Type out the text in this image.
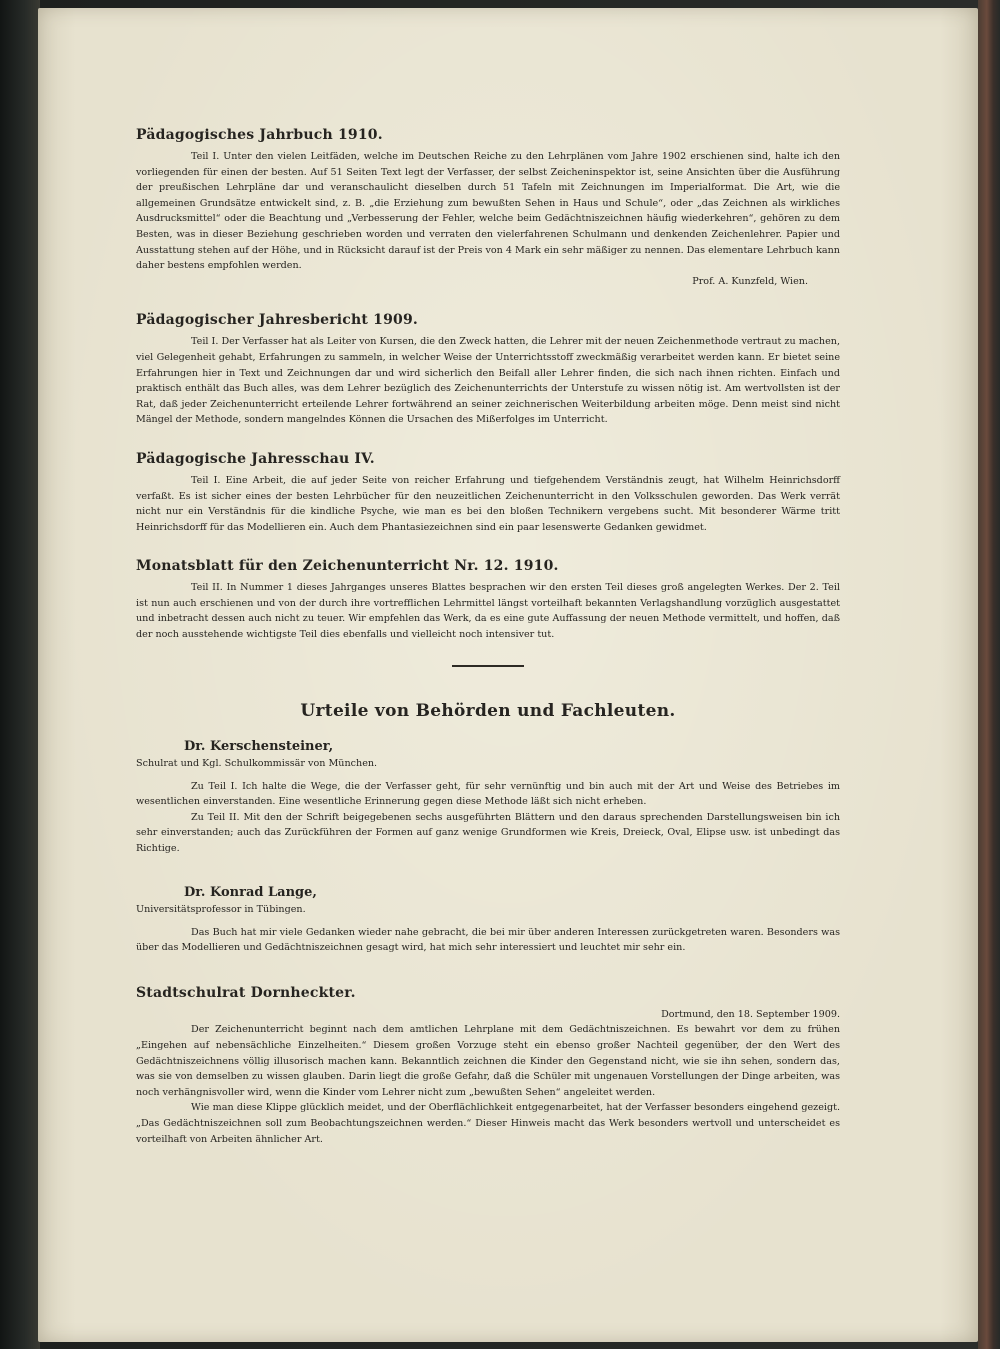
Pädagogisches Jahrbuch 1910.

Teil I. Unter den vielen Leitfäden, welche im Deutschen Reiche zu den Lehrplänen vom Jahre 1902 erschienen sind, halte ich den vorliegenden für einen der besten. Auf 51 Seiten Text legt der Verfasser, der selbst Zeicheninspektor ist, seine Ansichten über die Ausführung der preußischen Lehrpläne dar und veranschaulicht dieselben durch 51 Tafeln mit Zeichnungen im Imperialformat. Die Art, wie die allgemeinen Grundsätze entwickelt sind, z. B. „die Erziehung zum bewußten Sehen in Haus und Schule“, oder „das Zeichnen als wirkliches Ausdrucksmittel“ oder die Beachtung und „Verbesserung der Fehler, welche beim Gedächtniszeichnen häufig wiederkehren“, gehören zu dem Besten, was in dieser Beziehung geschrieben worden und verraten den vielerfahrenen Schulmann und denkenden Zeichenlehrer. Papier und Ausstattung stehen auf der Höhe, und in Rücksicht darauf ist der Preis von 4 Mark ein sehr mäßiger zu nennen. Das elementare Lehrbuch kann daher bestens empfohlen werden.

Prof. A. Kunzfeld, Wien.

Pädagogischer Jahresbericht 1909.

Teil I. Der Verfasser hat als Leiter von Kursen, die den Zweck hatten, die Lehrer mit der neuen Zeichenmethode vertraut zu machen, viel Gelegenheit gehabt, Erfahrungen zu sammeln, in welcher Weise der Unterrichtsstoff zweckmäßig verarbeitet werden kann. Er bietet seine Erfahrungen hier in Text und Zeichnungen dar und wird sicherlich den Beifall aller Lehrer finden, die sich nach ihnen richten. Einfach und praktisch enthält das Buch alles, was dem Lehrer bezüglich des Zeichenunterrichts der Unterstufe zu wissen nötig ist. Am wertvollsten ist der Rat, daß jeder Zeichenunterricht erteilende Lehrer fortwährend an seiner zeichnerischen Weiterbildung arbeiten möge. Denn meist sind nicht Mängel der Methode, sondern mangelndes Können die Ursachen des Mißerfolges im Unterricht.

Pädagogische Jahresschau IV.

Teil I. Eine Arbeit, die auf jeder Seite von reicher Erfahrung und tiefgehendem Verständnis zeugt, hat Wilhelm Heinrichsdorff verfaßt. Es ist sicher eines der besten Lehrbücher für den neuzeitlichen Zeichenunterricht in den Volksschulen geworden. Das Werk verrät nicht nur ein Verständnis für die kindliche Psyche, wie man es bei den bloßen Technikern vergebens sucht. Mit besonderer Wärme tritt Heinrichsdorff für das Modellieren ein. Auch dem Phantasiezeichnen sind ein paar lesenswerte Gedanken gewidmet.

Monatsblatt für den Zeichenunterricht Nr. 12. 1910.

Teil II. In Nummer 1 dieses Jahrganges unseres Blattes besprachen wir den ersten Teil dieses groß angelegten Werkes. Der 2. Teil ist nun auch erschienen und von der durch ihre vortrefflichen Lehrmittel längst vorteilhaft bekannten Verlagshandlung vorzüglich ausgestattet und inbetracht dessen auch nicht zu teuer. Wir empfehlen das Werk, da es eine gute Auffassung der neuen Methode vermittelt, und hoffen, daß der noch ausstehende wichtigste Teil dies ebenfalls und vielleicht noch intensiver tut.

Urteile von Behörden und Fachleuten.
Dr. Kerschensteiner,
Schulrat und Kgl. Schulkommissär von München.

Zu Teil I. Ich halte die Wege, die der Verfasser geht, für sehr vernünftig und bin auch mit der Art und Weise des Betriebes im wesentlichen einverstanden. Eine wesentliche Erinnerung gegen diese Methode läßt sich nicht erheben.

Zu Teil II. Mit den der Schrift beigegebenen sechs ausgeführten Blättern und den daraus sprechenden Darstellungsweisen bin ich sehr einverstanden; auch das Zurückführen der Formen auf ganz wenige Grundformen wie Kreis, Dreieck, Oval, Elipse usw. ist unbedingt das Richtige.

Dr. Konrad Lange,
Universitätsprofessor in Tübingen.

Das Buch hat mir viele Gedanken wieder nahe gebracht, die bei mir über anderen Interessen zurückgetreten waren. Besonders was über das Modellieren und Gedächtniszeichnen gesagt wird, hat mich sehr interessiert und leuchtet mir sehr ein.

Stadtschulrat Dornheckter.

Dortmund, den 18. September 1909.

Der Zeichenunterricht beginnt nach dem amtlichen Lehrplane mit dem Gedächtniszeichnen. Es bewahrt vor dem zu frühen „Eingehen auf nebensächliche Einzelheiten.“ Diesem großen Vorzuge steht ein ebenso großer Nachteil gegenüber, der den Wert des Gedächtniszeichnens völlig illusorisch machen kann. Bekanntlich zeichnen die Kinder den Gegenstand nicht, wie sie ihn sehen, sondern das, was sie von demselben zu wissen glauben. Darin liegt die große Gefahr, daß die Schüler mit ungenauen Vorstellungen der Dinge arbeiten, was noch verhängnisvoller wird, wenn die Kinder vom Lehrer nicht zum „bewußten Sehen“ angeleitet werden.

Wie man diese Klippe glücklich meidet, und der Oberflächlichkeit entgegenarbeitet, hat der Verfasser besonders eingehend gezeigt. „Das Gedächtniszeichnen soll zum Beobachtungszeichnen werden.“ Dieser Hinweis macht das Werk besonders wertvoll und unterscheidet es vorteilhaft von Arbeiten ähnlicher Art.
